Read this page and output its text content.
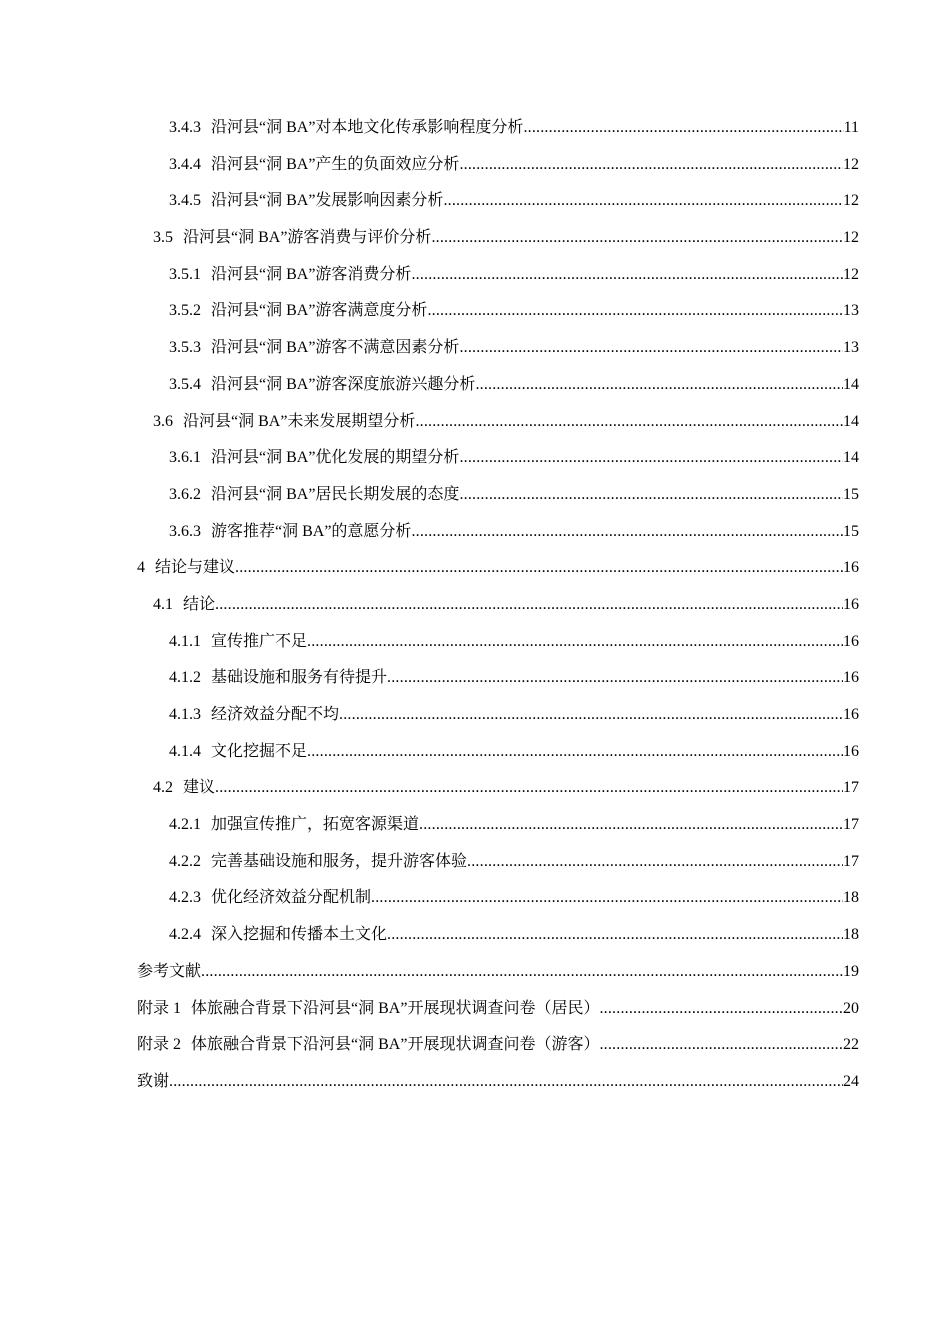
3.4.3 沿河县“洞 BA”对本地文化传承影响程度分析 .....	11
3.4.4 沿河县“洞 BA”产生的负面效应分析 .....	12
3.4.5 沿河县“洞 BA”发展影响因素分析 .....	12
3.5 沿河县“洞 BA”游客消费与评价分析 .....	12
3.5.1 沿河县“洞 BA”游客消费分析 .....	12
3.5.2 沿河县“洞 BA”游客满意度分析 .....	13
3.5.3 沿河县“洞 BA”游客不满意因素分析 .....	13
3.5.4 沿河县“洞 BA”游客深度旅游兴趣分析 .....	14
3.6 沿河县“洞 BA”未来发展期望分析 .....	14
3.6.1 沿河县“洞 BA”优化发展的期望分析 .....	14
3.6.2 沿河县“洞 BA”居民长期发展的态度 .....	15
3.6.3 游客推荐“洞 BA”的意愿分析 .....	15
4 结论与建议 .....	16
4.1 结论 .....	16
4.1.1 宣传推广不足 .....	16
4.1.2 基础设施和服务有待提升 .....	16
4.1.3 经济效益分配不均 .....	16
4.1.4 文化挖掘不足 .....	16
4.2 建议 .....	17
4.2.1 加强宣传推广，拓宽客源渠道 .....	17
4.2.2 完善基础设施和服务，提升游客体验 .....	17
4.2.3 优化经济效益分配机制 .....	18
4.2.4 深入挖掘和传播本土文化 .....	18
参考文献 .....	19
附录 1 体旅融合背景下沿河县“洞 BA”开展现状调查问卷（居民） .....	20
附录 2 体旅融合背景下沿河县“洞 BA”开展现状调查问卷（游客） .....	22
致谢 .....	24
